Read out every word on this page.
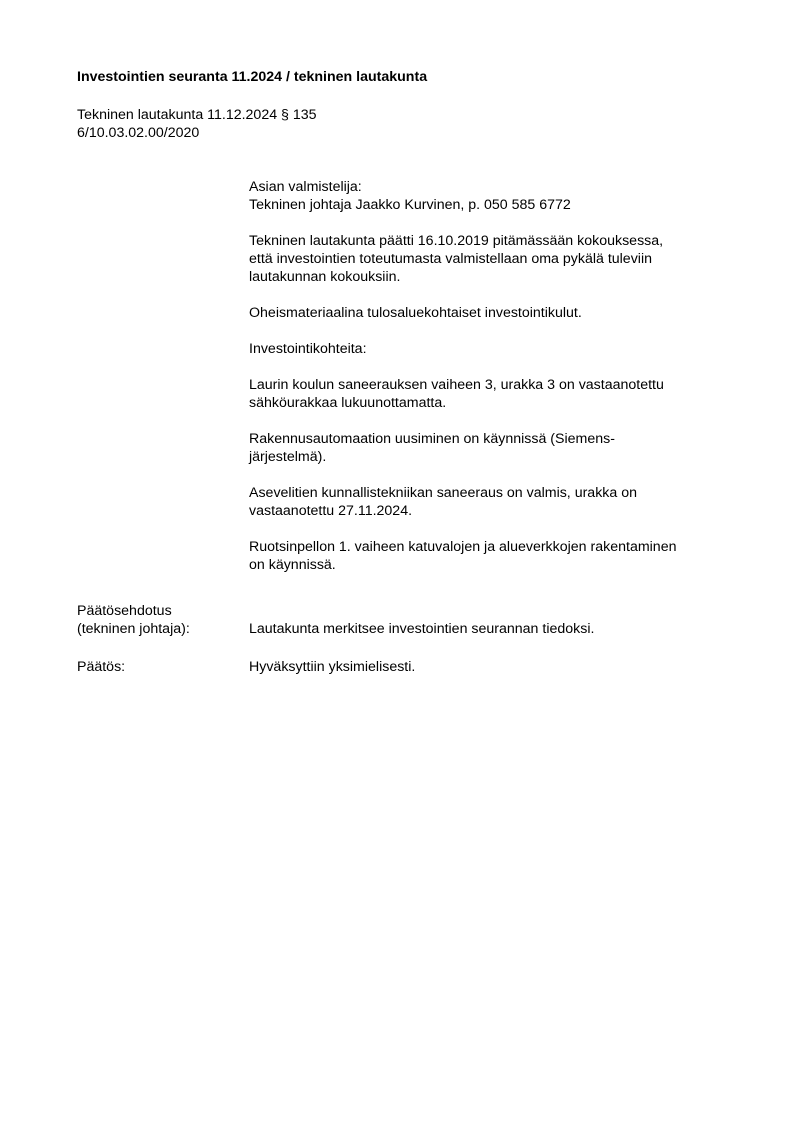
Investointien seuranta 11.2024 / tekninen lautakunta
Tekninen lautakunta 11.12.2024 § 135
6/10.03.02.00/2020
Asian valmistelija:
Tekninen johtaja Jaakko Kurvinen, p. 050 585 6772
Tekninen lautakunta päätti 16.10.2019 pitämässään kokouksessa,
että investointien toteutumasta valmistellaan oma pykälä tuleviin
lautakunnan kokouksiin.
Oheismateriaalina tulosaluekohtaiset investointikulut.
Investointikohteita:
Laurin koulun saneerauksen vaiheen 3, urakka 3 on vastaanotettu
sähköurakkaa lukuunottamatta.
Rakennusautomaation uusiminen on käynnissä (Siemens-
järjestelmä).
Asevelitien kunnallistekniikan saneeraus on valmis, urakka on
vastaanotettu 27.11.2024.
Ruotsinpellon 1. vaiheen katuvalojen ja alueverkkojen rakentaminen
on käynnissä.
Päätösehdotus
(tekninen johtaja):	Lautakunta merkitsee investointien seurannan tiedoksi.
Päätös:	Hyväksyttiin yksimielisesti.
